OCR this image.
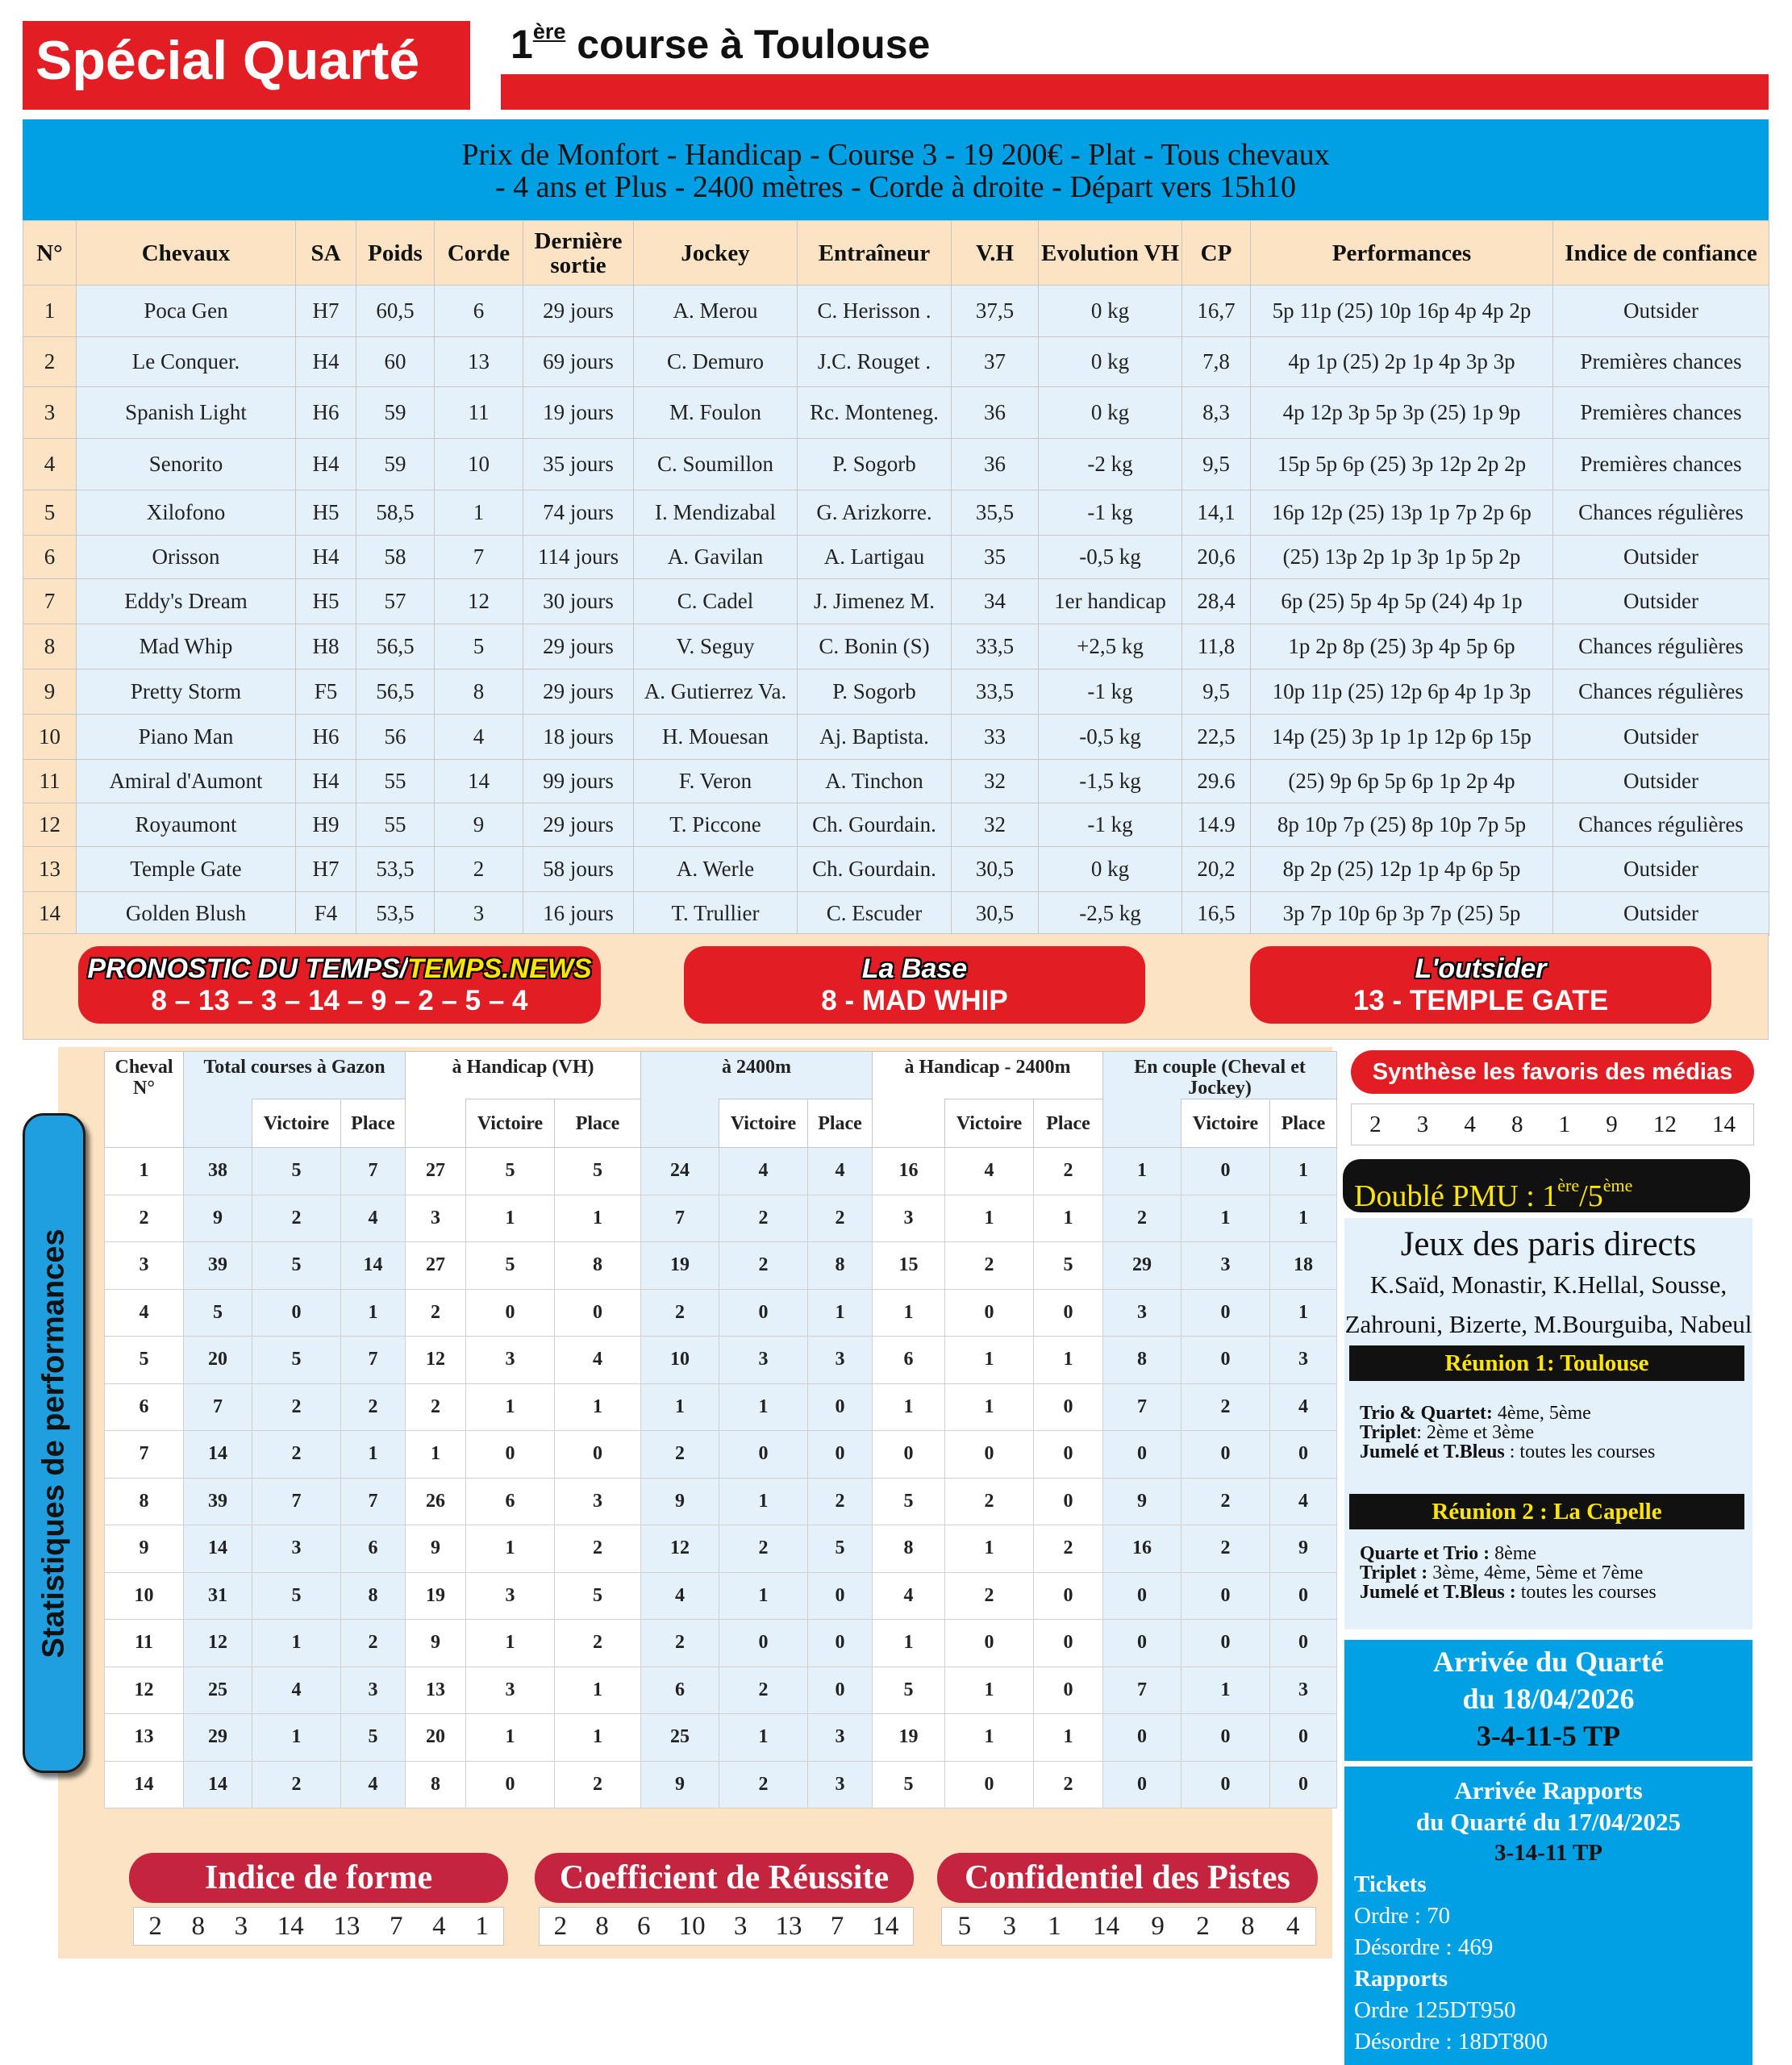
Spécial Quarté 1ère course à Toulouse
Prix de Monfort - Handicap - Course 3 - 19 200€ - Plat - Tous chevaux
- 4 ans et Plus - 2400 mètres - Corde à droite - Départ vers 15h10
N°	Chevaux	SA	Poids	Corde	Dernière sortie	Jockey	Entraîneur	V.H	Evolution VH	CP	Performances	Indice de confiance
1	Poca Gen	H7	60,5	6	29 jours	A. Merou	C. Herisson .	37,5	0 kg	16,7	5p 11p (25) 10p 16p 4p 4p 2p	Outsider
2	Le Conquer.	H4	60	13	69 jours	C. Demuro	J.C. Rouget .	37	0 kg	7,8	4p 1p (25) 2p 1p 4p 3p 3p	Premières chances
3	Spanish Light	H6	59	11	19 jours	M. Foulon	Rc. Monteneg.	36	0 kg	8,3	4p 12p 3p 5p 3p (25) 1p 9p	Premières chances
4	Senorito	H4	59	10	35 jours	C. Soumillon	P. Sogorb	36	-2 kg	9,5	15p 5p 6p (25) 3p 12p 2p 2p	Premières chances
5	Xilofono	H5	58,5	1	74 jours	I. Mendizabal	G. Arizkorre.	35,5	-1 kg	14,1	16p 12p (25) 13p 1p 7p 2p 6p	Chances régulières
6	Orisson	H4	58	7	114 jours	A. Gavilan	A. Lartigau	35	-0,5 kg	20,6	(25) 13p 2p 1p 3p 1p 5p 2p	Outsider
7	Eddy's Dream	H5	57	12	30 jours	C. Cadel	J. Jimenez M.	34	1er handicap	28,4	6p (25) 5p 4p 5p (24) 4p 1p	Outsider
8	Mad Whip	H8	56,5	5	29 jours	V. Seguy	C. Bonin (S)	33,5	+2,5 kg	11,8	1p 2p 8p (25) 3p 4p 5p 6p	Chances régulières
9	Pretty Storm	F5	56,5	8	29 jours	A. Gutierrez Va.	P. Sogorb	33,5	-1 kg	9,5	10p 11p (25) 12p 6p 4p 1p 3p	Chances régulières
10	Piano Man	H6	56	4	18 jours	H. Mouesan	Aj. Baptista.	33	-0,5 kg	22,5	14p (25) 3p 1p 1p 12p 6p 15p	Outsider
11	Amiral d'Aumont	H4	55	14	99 jours	F. Veron	A. Tinchon	32	-1,5 kg	29.6	(25) 9p 6p 5p 6p 1p 2p 4p	Outsider
12	Royaumont	H9	55	9	29 jours	T. Piccone	Ch. Gourdain.	32	-1 kg	14.9	8p 10p 7p (25) 8p 10p 7p 5p	Chances régulières
13	Temple Gate	H7	53,5	2	58 jours	A. Werle	Ch. Gourdain.	30,5	0 kg	20,2	8p 2p (25) 12p 1p 4p 6p 5p	Outsider
14	Golden Blush	F4	53,5	3	16 jours	T. Trullier	C. Escuder	30,5	-2,5 kg	16,5	3p 7p 10p 6p 3p 7p (25) 5p	Outsider
PRONOSTIC DU TEMPS/TEMPS.NEWS
8 – 13 – 3 – 14 – 9 – 2 – 5 – 4
La Base
8 - MAD WHIP
L'outsider
13 - TEMPLE GATE
Statistiques de performances
Cheval N°	Total courses à Gazon			à Handicap (VH)			à 2400m			à Handicap - 2400m			En couple (Cheval et Jockey)		
		Victoire	Place		Victoire	Place		Victoire	Place		Victoire	Place		Victoire	Place
1	38	5	7	27	5	5	24	4	4	16	4	2	1	0	1
2	9	2	4	3	1	1	7	2	2	3	1	1	2	1	1
3	39	5	14	27	5	8	19	2	8	15	2	5	29	3	18
4	5	0	1	2	0	0	2	0	1	1	0	0	3	0	1
5	20	5	7	12	3	4	10	3	3	6	1	1	8	0	3
6	7	2	2	2	1	1	1	1	0	1	1	0	7	2	4
7	14	2	1	1	0	0	2	0	0	0	0	0	0	0	0
8	39	7	7	26	6	3	9	1	2	5	2	0	9	2	4
9	14	3	6	9	1	2	12	2	5	8	1	2	16	2	9
10	31	5	8	19	3	5	4	1	0	4	2	0	0	0	0
11	12	1	2	9	1	2	2	0	0	1	0	0	0	0	0
12	25	4	3	13	3	1	6	2	0	5	1	0	7	1	3
13	29	1	5	20	1	1	25	1	3	19	1	1	0	0	0
14	14	2	4	8	0	2	9	2	3	5	0	2	0	0	0
Indice de forme
2 8 3 14 13 7 4 1
Coefficient de Réussite
2 8 6 10 3 13 7 14
Confidentiel des Pistes
5 3 1 14 9 2 8 4
Synthèse les favoris des médias
2 3 4 8 1 9 12 14
Doublé PMU : 1ère/5ème
Jeux des paris directs
K.Saïd, Monastir, K.Hellal, Sousse,
Zahrouni, Bizerte, M.Bourguiba, Nabeul
Réunion 1: Toulouse
Trio & Quartet: 4ème, 5ème
Triplet: 2ème et 3ème
Jumelé et T.Bleus : toutes les courses
Réunion 2 : La Capelle
Quarte et Trio : 8ème
Triplet : 3ème, 4ème, 5ème et 7ème
Jumelé et T.Bleus : toutes les courses
Arrivée du Quarté
du 18/04/2026
3-4-11-5 TP
Arrivée Rapports
du Quarté du 17/04/2025
3-14-11 TP
Tickets
Ordre : 70
Désordre : 469
Rapports
Ordre 125DT950
Désordre : 18DT800
